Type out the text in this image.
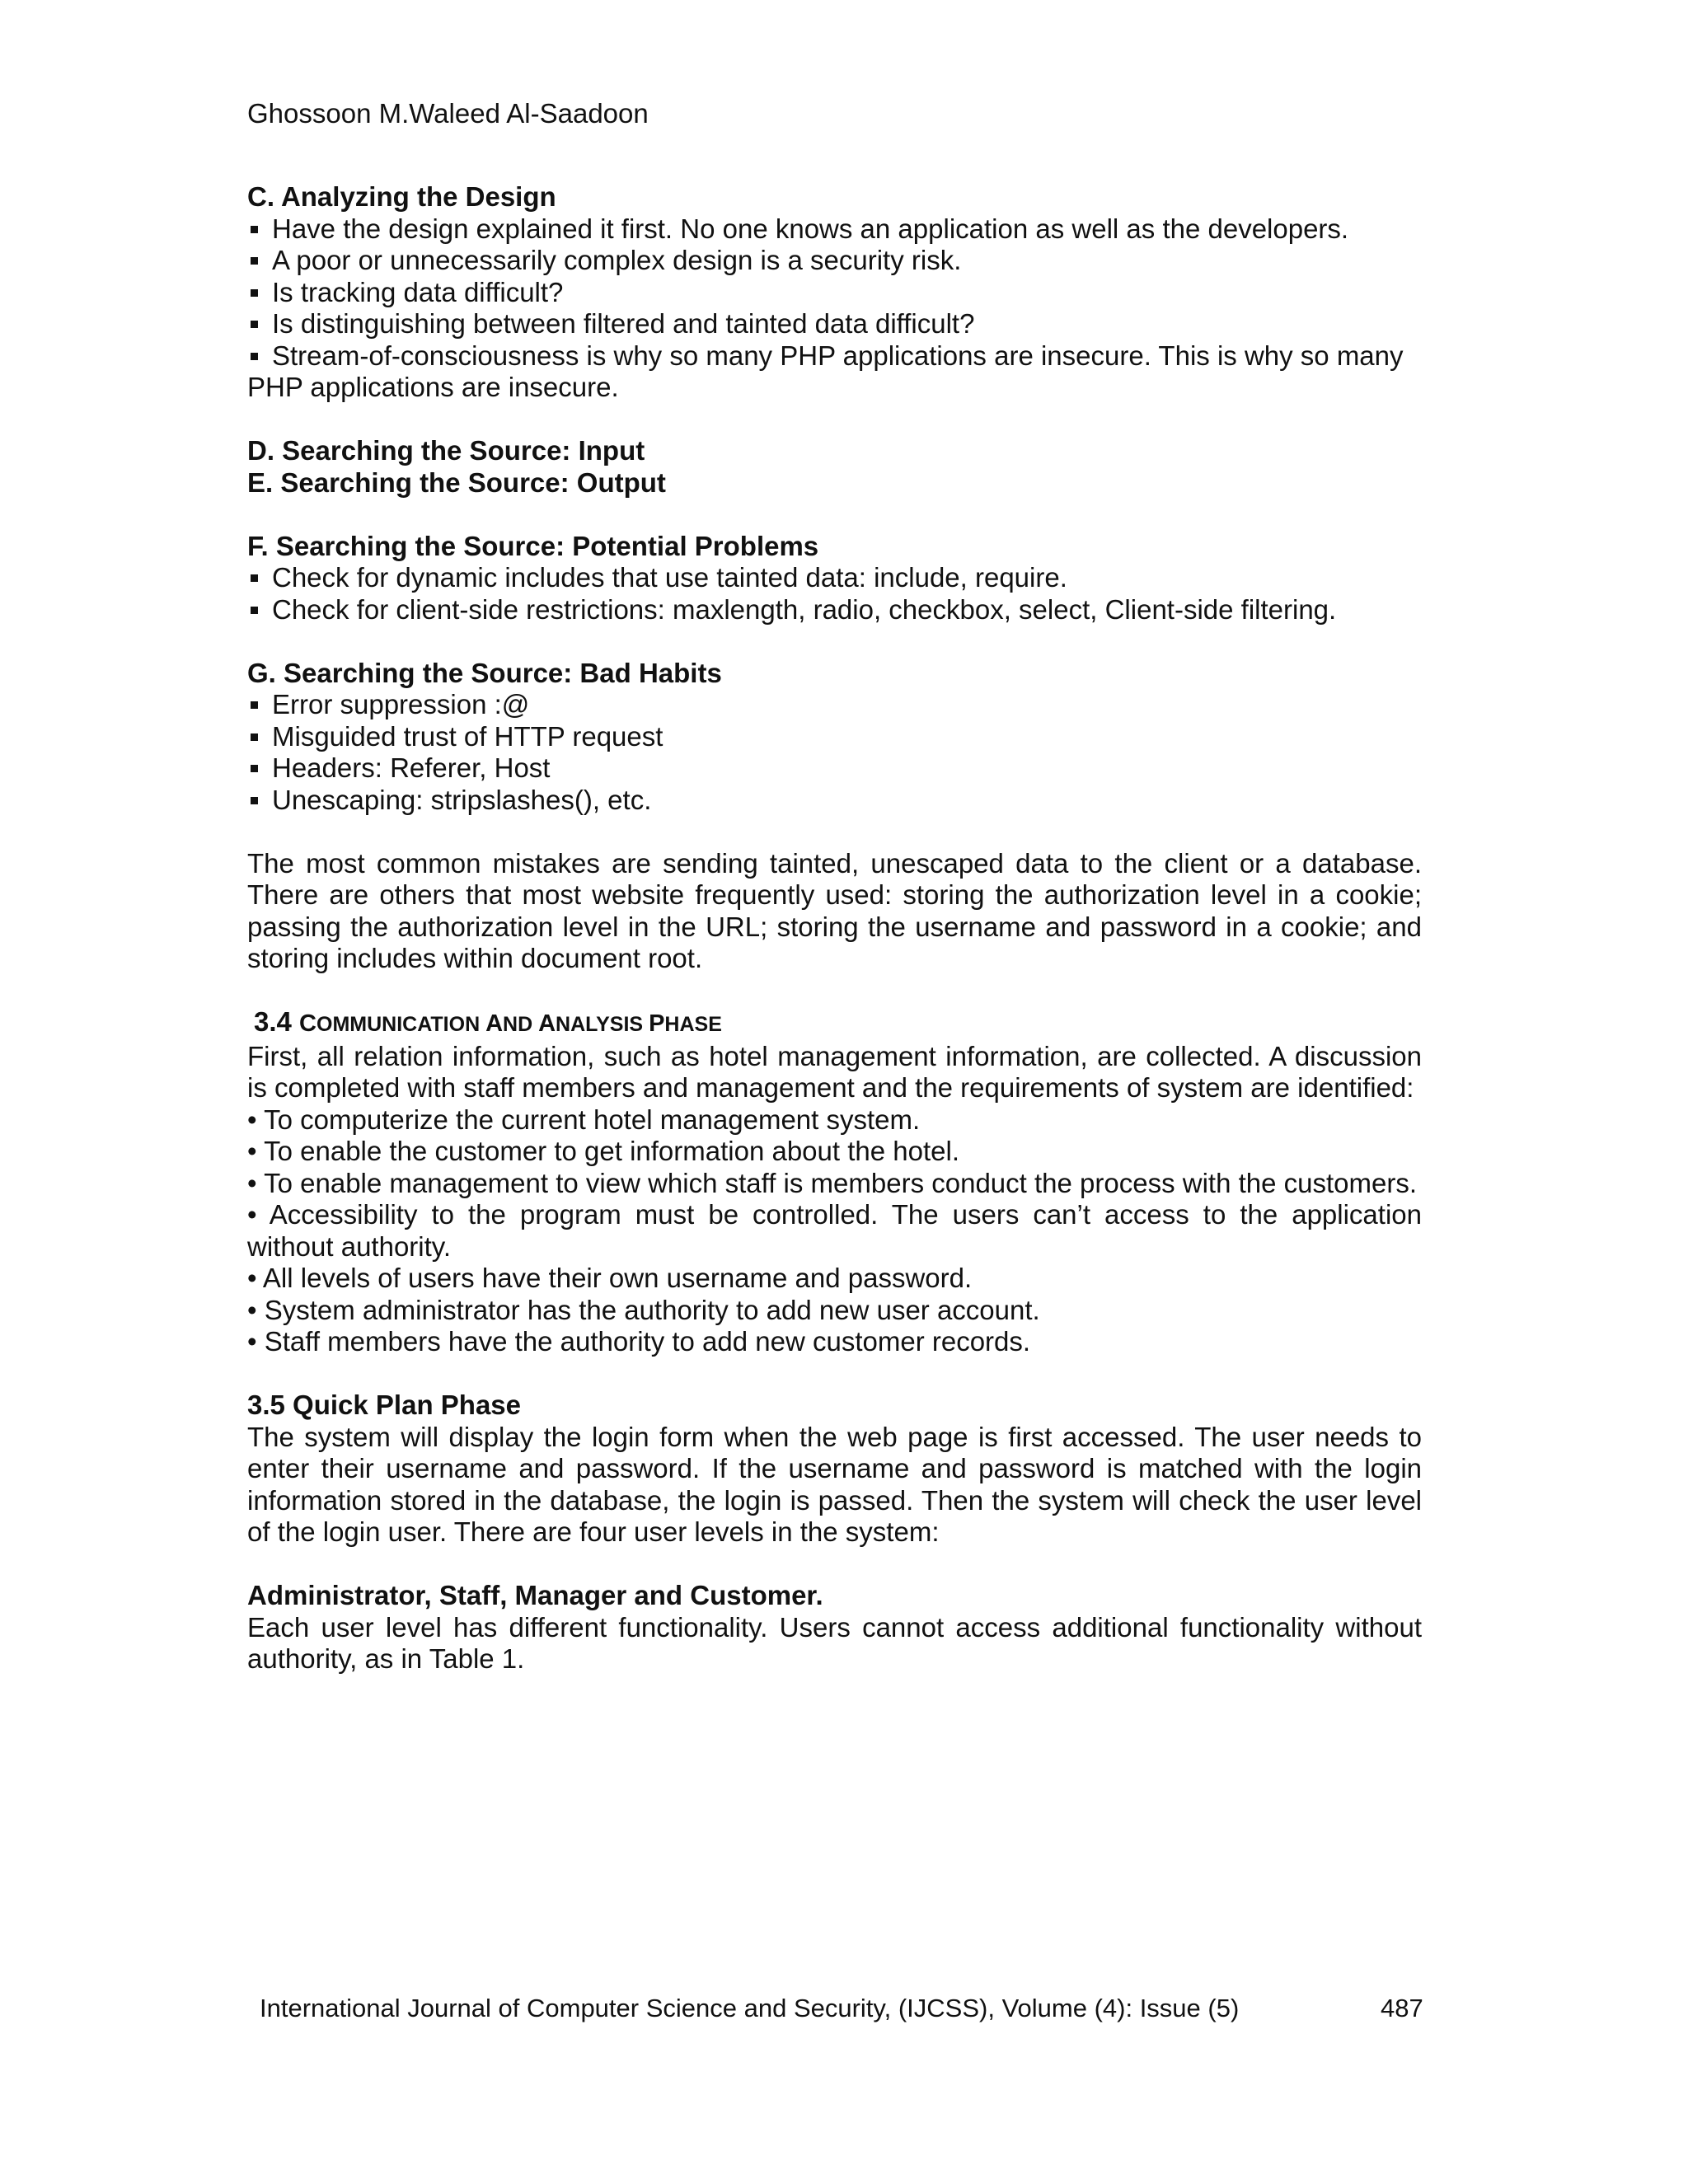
Ghossoon M.Waleed Al-Saadoon
C. Analyzing the Design
Have the design explained it first. No one knows an application as well as the developers.
A poor or unnecessarily complex design is a security risk.
Is tracking data difficult?
Is distinguishing between filtered and tainted data difficult?
Stream-of-consciousness is why so many PHP applications are insecure. This is why so many
PHP applications are insecure.
D. Searching the Source: Input
E. Searching the Source: Output
F. Searching the Source: Potential Problems
Check for dynamic includes that use tainted data: include, require.
Check for client-side restrictions: maxlength, radio, checkbox, select, Client-side filtering.
G. Searching the Source: Bad Habits
Error suppression :@
Misguided trust of HTTP request
Headers: Referer, Host
Unescaping: stripslashes(), etc.
The most common mistakes are sending tainted, unescaped data to the client or a database. There are others that most website frequently used: storing the authorization level in a cookie; passing the authorization level in the URL; storing the username and password in a cookie; and storing includes within document root.
3.4 COMMUNICATION AND ANALYSIS PHASE
First, all relation information, such as hotel management information, are collected. A discussion is completed with staff members and management and the requirements of system are identified:
• To computerize the current hotel management system.
• To enable the customer to get information about the hotel.
• To enable management to view which staff is members conduct the process with the customers.
• Accessibility to the program must be controlled. The users can’t access to the application without authority.
• All levels of users have their own username and password.
• System administrator has the authority to add new user account.
• Staff members have the authority to add new customer records.
3.5 Quick Plan Phase
The system will display the login form when the web page is first accessed. The user needs to enter their username and password. If the username and password is matched with the login information stored in the database, the login is passed. Then the system will check the user level of the login user. There are four user levels in the system:
Administrator, Staff, Manager and Customer.
Each user level has different functionality. Users cannot access additional functionality without authority, as in Table 1.
International Journal of Computer Science and Security, (IJCSS), Volume (4): Issue (5)	487
